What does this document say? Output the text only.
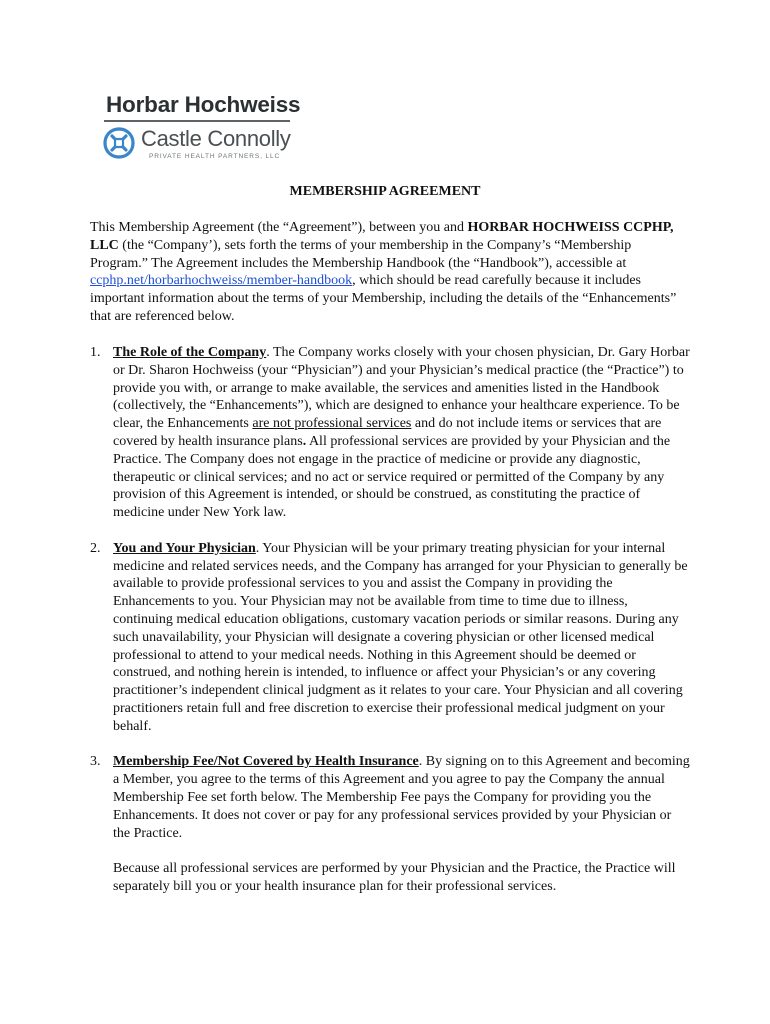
Horbar Hochweiss
Castle Connolly
PRIVATE HEALTH PARTNERS, LLC
MEMBERSHIP AGREEMENT

This Membership Agreement (the “Agreement”), between you and HORBAR HOCHWEISS CCPHP, LLC (the “Company’), sets forth the terms of your membership in the Company’s “Membership Program.” The Agreement includes the Membership Handbook (the “Handbook”), accessible at ccphp.net/horbarhochweiss/member-handbook, which should be read carefully because it includes important information about the terms of your Membership, including the details of the “Enhancements” that are referenced below.

1. The Role of the Company. The Company works closely with your chosen physician, Dr. Gary Horbar or Dr. Sharon Hochweiss (your “Physician”) and your Physician’s medical practice (the “Practice”) to provide you with, or arrange to make available, the services and amenities listed in the Handbook (collectively, the “Enhancements”), which are designed to enhance your healthcare experience. To be clear, the Enhancements are not professional services and do not include items or services that are covered by health insurance plans. All professional services are provided by your Physician and the Practice. The Company does not engage in the practice of medicine or provide any diagnostic, therapeutic or clinical services; and no act or service required or permitted of the Company by any provision of this Agreement is intended, or should be construed, as constituting the practice of medicine under New York law.

2. You and Your Physician. Your Physician will be your primary treating physician for your internal medicine and related services needs, and the Company has arranged for your Physician to generally be available to provide professional services to you and assist the Company in providing the Enhancements to you. Your Physician may not be available from time to time due to illness, continuing medical education obligations, customary vacation periods or similar reasons. During any such unavailability, your Physician will designate a covering physician or other licensed medical professional to attend to your medical needs. Nothing in this Agreement should be deemed or construed, and nothing herein is intended, to influence or affect your Physician’s or any covering practitioner’s independent clinical judgment as it relates to your care. Your Physician and all covering practitioners retain full and free discretion to exercise their professional medical judgment on your behalf.

3. Membership Fee/Not Covered by Health Insurance. By signing on to this Agreement and becoming a Member, you agree to the terms of this Agreement and you agree to pay the Company the annual Membership Fee set forth below. The Membership Fee pays the Company for providing you the Enhancements. It does not cover or pay for any professional services provided by your Physician or the Practice.

Because all professional services are performed by your Physician and the Practice, the Practice will separately bill you or your health insurance plan for their professional services.
